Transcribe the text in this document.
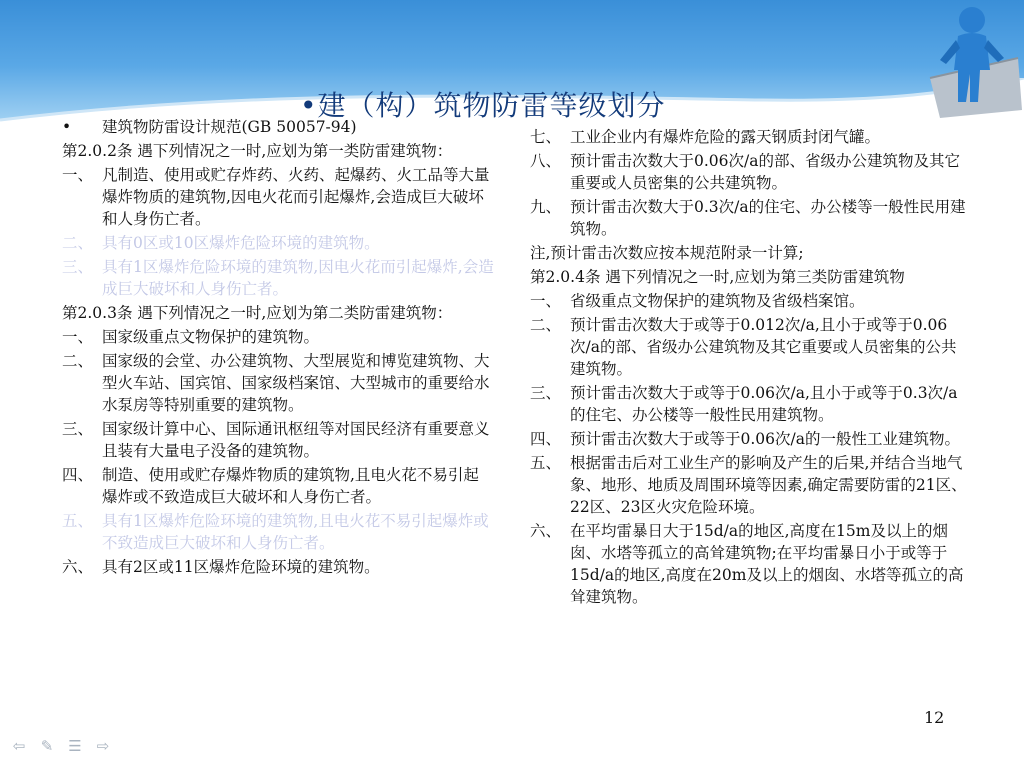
•建（构）筑物防雷等级划分
• 建筑物防雷设计规范(GB 50057-94)
第2.0.2条 遇下列情况之一时,应划为第一类防雷建筑物：
一、 凡制造、使用或贮存炸药、火药、起爆药、火工品等大量爆炸物质的建筑物,因电火花而引起爆炸,会造成巨大破坏和人身伤亡者。
二、 具有0区或10区爆炸危险环境的建筑物。
三、 具有1区爆炸危险环境的建筑物,因电火花而引起爆炸,会造成巨大破坏和人身伤亡者。
第2.0.3条 遇下列情况之一时,应划为第二类防雷建筑物：
一、 国家级重点文物保护的建筑物。
二、 国家级的会堂、办公建筑物、大型展览和博览建筑物、大型火车站、国宾馆、国家级档案馆、大型城市的重要给水水泵房等特别重要的建筑物。
三、 国家级计算中心、国际通讯枢纽等对国民经济有重要意义且装有大量电子没备的建筑物。
四、 制造、使用或贮存爆炸物质的建筑物,且电火花不易引起爆炸或不致造成巨大破坏和人身伤亡者。
五、 具有1区爆炸危险环境的建筑物,且电火花不易引起爆炸或不致造成巨大破坏和人身伤亡者。
六、 具有2区或11区爆炸危险环境的建筑物。
七、 工业企业内有爆炸危险的露天钢质封闭气罐。
八、 预计雷击次数大于0.06次/a的部、省级办公建筑物及其它重要或人员密集的公共建筑物。
九、 预计雷击次数大于0.3次/a的住宅、办公楼等一般性民用建筑物。
注,预计雷击次数应按本规范附录一计算;
第2.0.4条 遇下列情况之一时,应划为第三类防雷建筑物
一、 省级重点文物保护的建筑物及省级档案馆。
二、 预计雷击次数大于或等于0.012次/a,且小于或等于0.06次/a的部、省级办公建筑物及其它重要或人员密集的公共建筑物。
三、 预计雷击次数大于或等于0.06次/a,且小于或等于0.3次/a的住宅、办公楼等一般性民用建筑物。
四、 预计雷击次数大于或等于0.06次/a的一般性工业建筑物。
五、 根据雷击后对工业生产的影响及产生的后果,并结合当地气象、地形、地质及周围环境等因素,确定需要防雷的21区、22区、23区火灾危险环境。
六、 在平均雷暴日大于15d/a的地区,高度在15m及以上的烟囱、水塔等孤立的高耸建筑物;在平均雷暴日小于或等于15d/a的地区,高度在20m及以上的烟囱、水塔等孤立的高耸建筑物。
12
⇦ ✎ ☰ ⇨
